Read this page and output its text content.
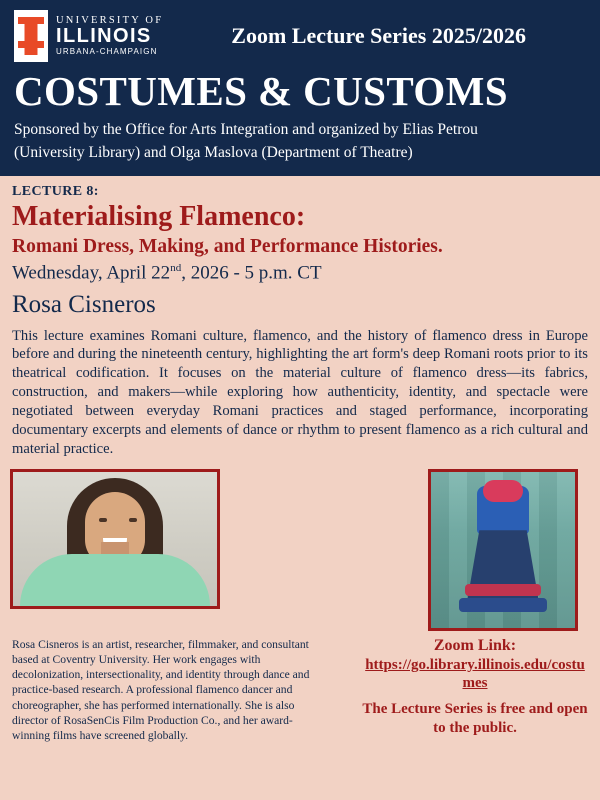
UNIVERSITY OF
ILLINOIS
URBANA-CHAMPAIGN
Zoom Lecture Series 2025/2026
COSTUMES & CUSTOMS
Sponsored by the Office for Arts Integration and organized by Elias Petrou
(University Library) and Olga Maslova (Department of Theatre)
LECTURE 8:
Materialising Flamenco:
Romani Dress, Making, and Performance Histories.
Wednesday, April 22nd, 2026 - 5 p.m. CT
Rosa Cisneros
This lecture examines Romani culture, flamenco, and the history of flamenco dress in Europe before and during the nineteenth century, highlighting the art form's deep Romani roots prior to its theatrical codification. It focuses on the material culture of flamenco dress—its fabrics, construction, and makers—while exploring how authenticity, identity, and spectacle were negotiated between everyday Romani practices and staged performance, incorporating documentary excerpts and elements of dance or rhythm to present flamenco as a rich cultural and material practice.
Rosa Cisneros is an artist, researcher, filmmaker, and consultant based at Coventry University. Her work engages with decolonization, intersectionality, and identity through dance and practice-based research. A professional flamenco dancer and choreographer, she has performed internationally. She is also director of RosaSenCis Film Production Co., and her award-winning films have screened globally.
Zoom Link:
https://go.library.illinois.edu/costumes
The Lecture Series is free and open to the public.
